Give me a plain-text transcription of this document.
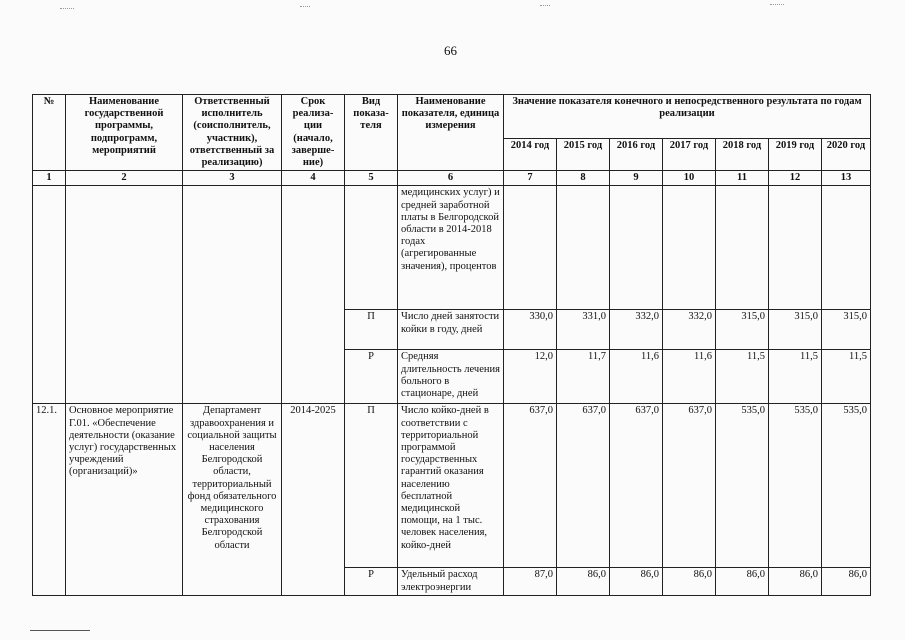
66
№	Наименование государственной программы, подпрограмм, мероприятий	Ответственный исполнитель (соисполнитель, участник), ответственный за реализацию)	Срок реализа-ции (начало, заверше-ние)	Вид показа-теля	Наименование показателя, единица измерения	Значение показателя конечного и непосредственного результата по годам реализации						
						2014 год	2015 год	2016 год	2017 год	2018 год	2019 год	2020 год
1	2	3	4	5	6	7	8	9	10	11	12	13
					медицинских услуг) и средней заработной платы в Белгородской области в 2014-2018 годах (агрегированные значения), процентов							
				П	Число дней занятости койки в году, дней	330,0	331,0	332,0	332,0	315,0	315,0	315,0
				Р	Средняя длительность лечения больного в стационаре, дней	12,0	11,7	11,6	11,6	11,5	11,5	11,5
12.1.	Основное мероприятие Г.01. «Обеспечение деятельности (оказание услуг) государственных учреждений (организаций)»	Департамент здравоохранения и социальной защиты населения Белгородской области, территориальный фонд обязательного медицинского страхования Белгородской области	2014-2025	П	Число койко-дней в соответствии с территориальной программой государственных гарантий оказания населению бесплатной медицинской помощи, на 1 тыс. человек населения, койко-дней	637,0	637,0	637,0	637,0	535,0	535,0	535,0
				Р	Удельный расход электроэнергии	87,0	86,0	86,0	86,0	86,0	86,0	86,0
